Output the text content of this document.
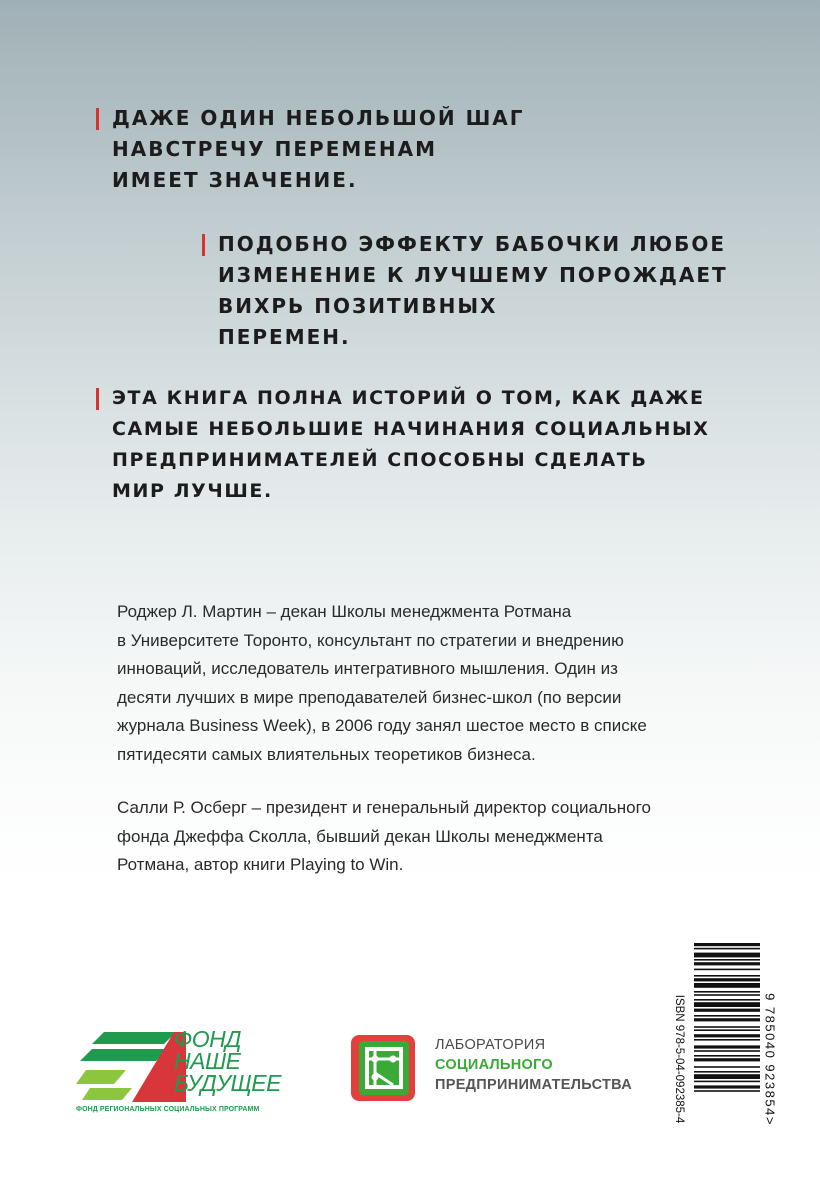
ДАЖЕ ОДИН НЕБОЛЬШОЙ ШАГ
НАВСТРЕЧУ ПЕРЕМЕНАМ
ИМЕЕТ ЗНАЧЕНИЕ.
ПОДОБНО ЭФФЕКТУ БАБОЧКИ ЛЮБОЕ
ИЗМЕНЕНИЕ К ЛУЧШЕМУ ПОРОЖДАЕТ
ВИХРЬ ПОЗИТИВНЫХ
ПЕРЕМЕН.
ЭТА КНИГА ПОЛНА ИСТОРИЙ О ТОМ, КАК ДАЖЕ
САМЫЕ НЕБОЛЬШИЕ НАЧИНАНИЯ СОЦИАЛЬНЫХ
ПРЕДПРИНИМАТЕЛЕЙ СПОСОБНЫ СДЕЛАТЬ
МИР ЛУЧШЕ.
Роджер Л. Мартин – декан Школы менеджмента Ротмана
в Университете Торонто, консультант по стратегии и внедрению
инноваций, исследователь интегративного мышления. Один из
десяти лучших в мире преподавателей бизнес-школ (по версии
журнала Business Week), в 2006 году занял шестое место в списке
пятидесяти самых влиятельных теоретиков бизнеса.
Салли Р. Осберг – президент и генеральный директор социального
фонда Джеффа Сколла, бывший декан Школы менеджмента
Ротмана, автор книги Playing to Win.
ФОНД
НАШЕ
БУДУЩЕЕ
ФОНД РЕГИОНАЛЬНЫХ СОЦИАЛЬНЫХ ПРОГРАММ
ЛАБОРАТОРИЯ
СОЦИАЛЬНОГО
ПРЕДПРИНИМАТЕЛЬСТВА	ISBN 978-5-04-092385-4	9 785040 923854>
